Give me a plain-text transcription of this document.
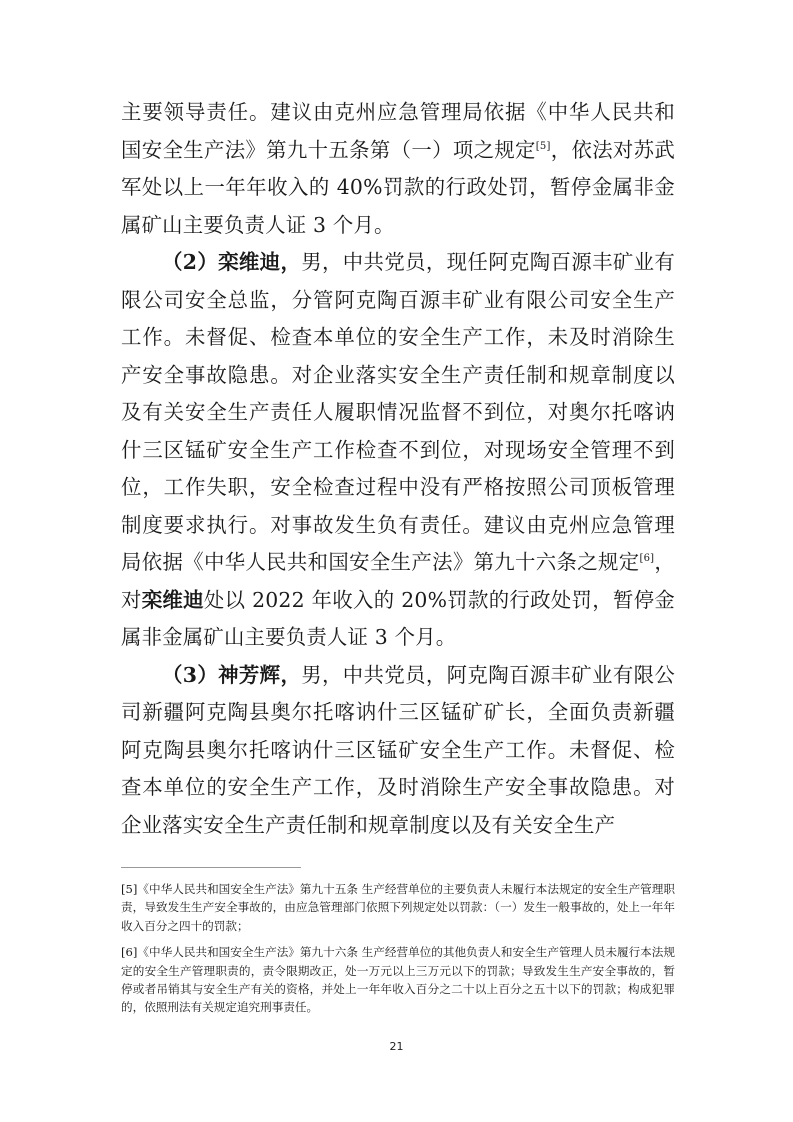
主要领导责任。建议由克州应急管理局依据《中华人民共和国安全生产法》第九十五条第（一）项之规定[5]，依法对苏武军处以上一年年收入的 40%罚款的行政处罚，暂停金属非金属矿山主要负责人证 3 个月。

（2）栾维迪，男，中共党员，现任阿克陶百源丰矿业有限公司安全总监，分管阿克陶百源丰矿业有限公司安全生产工作。未督促、检查本单位的安全生产工作，未及时消除生产安全事故隐患。对企业落实安全生产责任制和规章制度以及有关安全生产责任人履职情况监督不到位，对奥尔托喀讷什三区锰矿安全生产工作检查不到位，对现场安全管理不到位，工作失职，安全检查过程中没有严格按照公司顶板管理制度要求执行。对事故发生负有责任。建议由克州应急管理局依据《中华人民共和国安全生产法》第九十六条之规定[6]，对栾维迪处以 2022 年收入的 20%罚款的行政处罚，暂停金属非金属矿山主要负责人证 3 个月。

（3）神芳辉，男，中共党员，阿克陶百源丰矿业有限公司新疆阿克陶县奥尔托喀讷什三区锰矿矿长，全面负责新疆阿克陶县奥尔托喀讷什三区锰矿安全生产工作。未督促、检查本单位的安全生产工作，及时消除生产安全事故隐患。对企业落实安全生产责任制和规章制度以及有关安全生产

[5]《中华人民共和国安全生产法》第九十五条 生产经营单位的主要负责人未履行本法规定的安全生产管理职责，导致发生生产安全事故的，由应急管理部门依照下列规定处以罚款：（一）发生一般事故的，处上一年年收入百分之四十的罚款；

[6]《中华人民共和国安全生产法》第九十六条 生产经营单位的其他负责人和安全生产管理人员未履行本法规定的安全生产管理职责的，责令限期改正，处一万元以上三万元以下的罚款；导致发生生产安全事故的，暂停或者吊销其与安全生产有关的资格，并处上一年年收入百分之二十以上百分之五十以下的罚款；构成犯罪的，依照刑法有关规定追究刑事责任。

21
